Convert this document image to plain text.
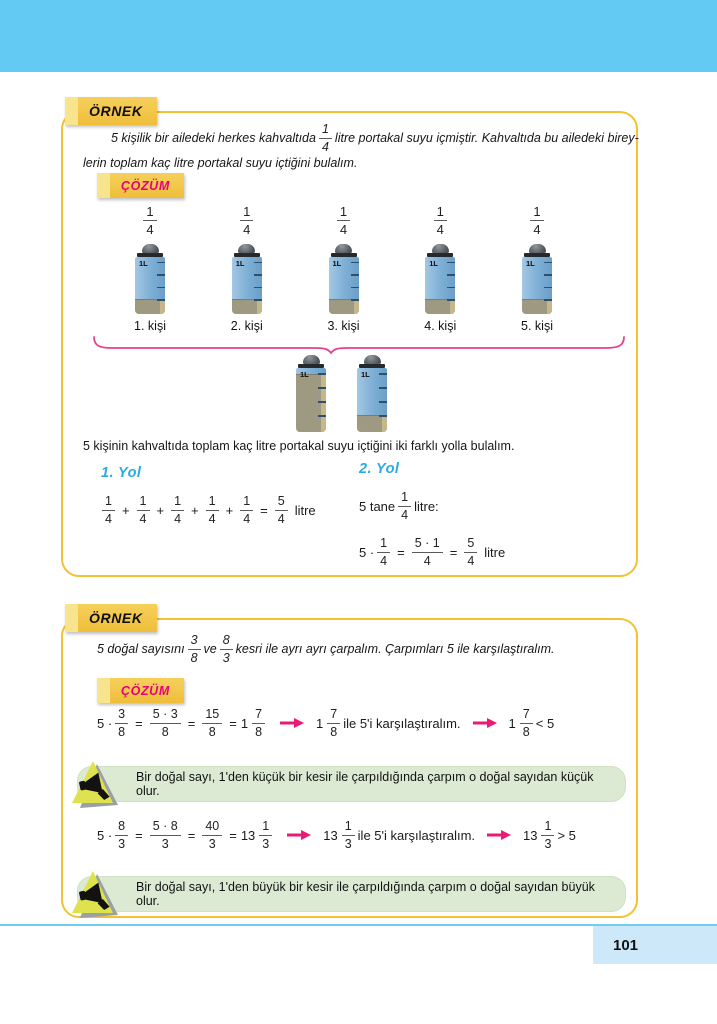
ÖRNEK
5 kişilik bir ailedeki herkes kahvaltıda $\frac{1}{4}$ litre portakal suyu içmiştir. Kahvaltıda bu ailedeki birey-
lerin toplam kaç litre portakal suyu içtiğini bulalım.
ÇÖZÜM
$\frac{1}{4}$
1L
1. kişi
$\frac{1}{4}$
1L
2. kişi
$\frac{1}{4}$
1L
3. kişi
$\frac{1}{4}$
1L
4. kişi
$\frac{1}{4}$
1L
5. kişi
1L	1L
5 kişinin kahvaltıda toplam kaç litre portakal suyu içtiğini iki farklı yolla bulalım.
1. Yol
$\frac{1}{4} + \frac{1}{4} + \frac{1}{4} + \frac{1}{4} + \frac{1}{4} = \frac{5}{4}$ litre
2. Yol
5 tane $\frac{1}{4}$ litre:
$5 \cdot \frac{1}{4} = \frac{5 \cdot 1}{4} = \frac{5}{4}$ litre
ÖRNEK
5 doğal sayısını $\frac{3}{8}$ ve $\frac{8}{3}$ kesri ile ayrı ayrı çarpalım. Çarpımları 5 ile karşılaştıralım.
ÇÖZÜM
$5 \cdot \frac{3}{8} = \frac{5 \cdot 3}{8} = \frac{15}{8} = 1 \frac{7}{8}$	$1 \frac{7}{8}$ ile 5'i karşılaştıralım.	$1 \frac{7}{8} < 5$
Bir doğal sayı, 1'den küçük bir kesir ile çarpıldığında çarpım o doğal sayıdan küçük olur.
$5 \cdot \frac{8}{3} = \frac{5 \cdot 8}{3} = \frac{40}{3} = 13 \frac{1}{3}$	$13 \frac{1}{3}$ ile 5'i karşılaştıralım.	$13 \frac{1}{3} > 5$
Bir doğal sayı, 1'den büyük bir kesir ile çarpıldığında çarpım o doğal sayıdan büyük olur.
101
